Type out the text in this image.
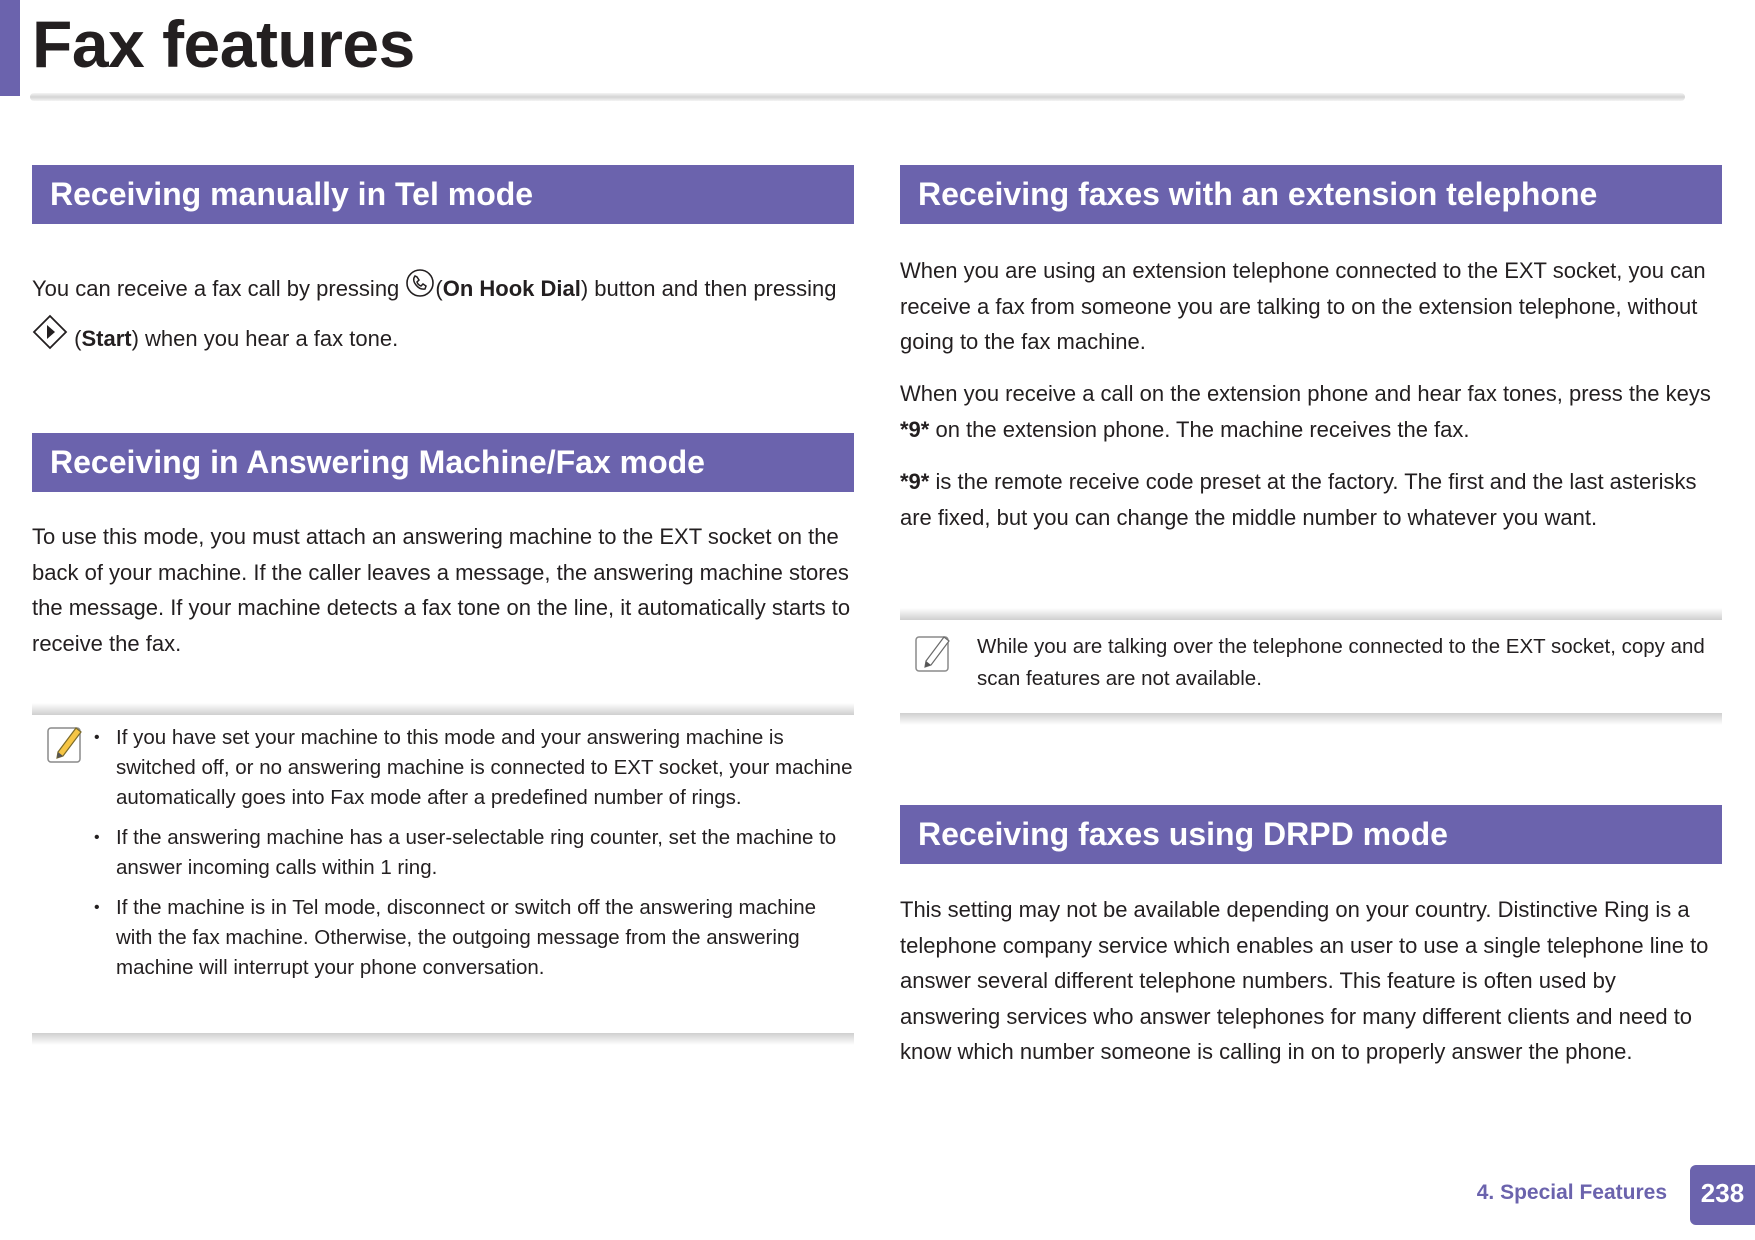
Fax features
Receiving manually in Tel mode

You can receive a fax call by pressing (On Hook Dial) button and then pressing  (Start) when you hear a fax tone.

Receiving in Answering Machine/Fax mode

To use this mode, you must attach an answering machine to the EXT socket on the back of your machine. If the caller leaves a message, the answering machine stores the message. If your machine detects a fax tone on the line, it automatically starts to receive the fax.

• If you have set your machine to this mode and your answering machine is switched off, or no answering machine is connected to EXT socket, your machine automatically goes into Fax mode after a predefined number of rings.
• If the answering machine has a user-selectable ring counter, set the machine to answer incoming calls within 1 ring.
• If the machine is in Tel mode, disconnect or switch off the answering machine with the fax machine. Otherwise, the outgoing message from the answering machine will interrupt your phone conversation.
Receiving faxes with an extension telephone

When you are using an extension telephone connected to the EXT socket, you can receive a fax from someone you are talking to on the extension telephone, without going to the fax machine.

When you receive a call on the extension phone and hear fax tones, press the keys *9* on the extension phone. The machine receives the fax.

*9* is the remote receive code preset at the factory. The first and the last asterisks are fixed, but you can change the middle number to whatever you want.

While you are talking over the telephone connected to the EXT socket, copy and scan features are not available.

Receiving faxes using DRPD mode

This setting may not be available depending on your country. Distinctive Ring is a telephone company service which enables an user to use a single telephone line to answer several different telephone numbers. This feature is often used by answering services who answer telephones for many different clients and need to know which number someone is calling in on to properly answer the phone.

4. Special Features	238
